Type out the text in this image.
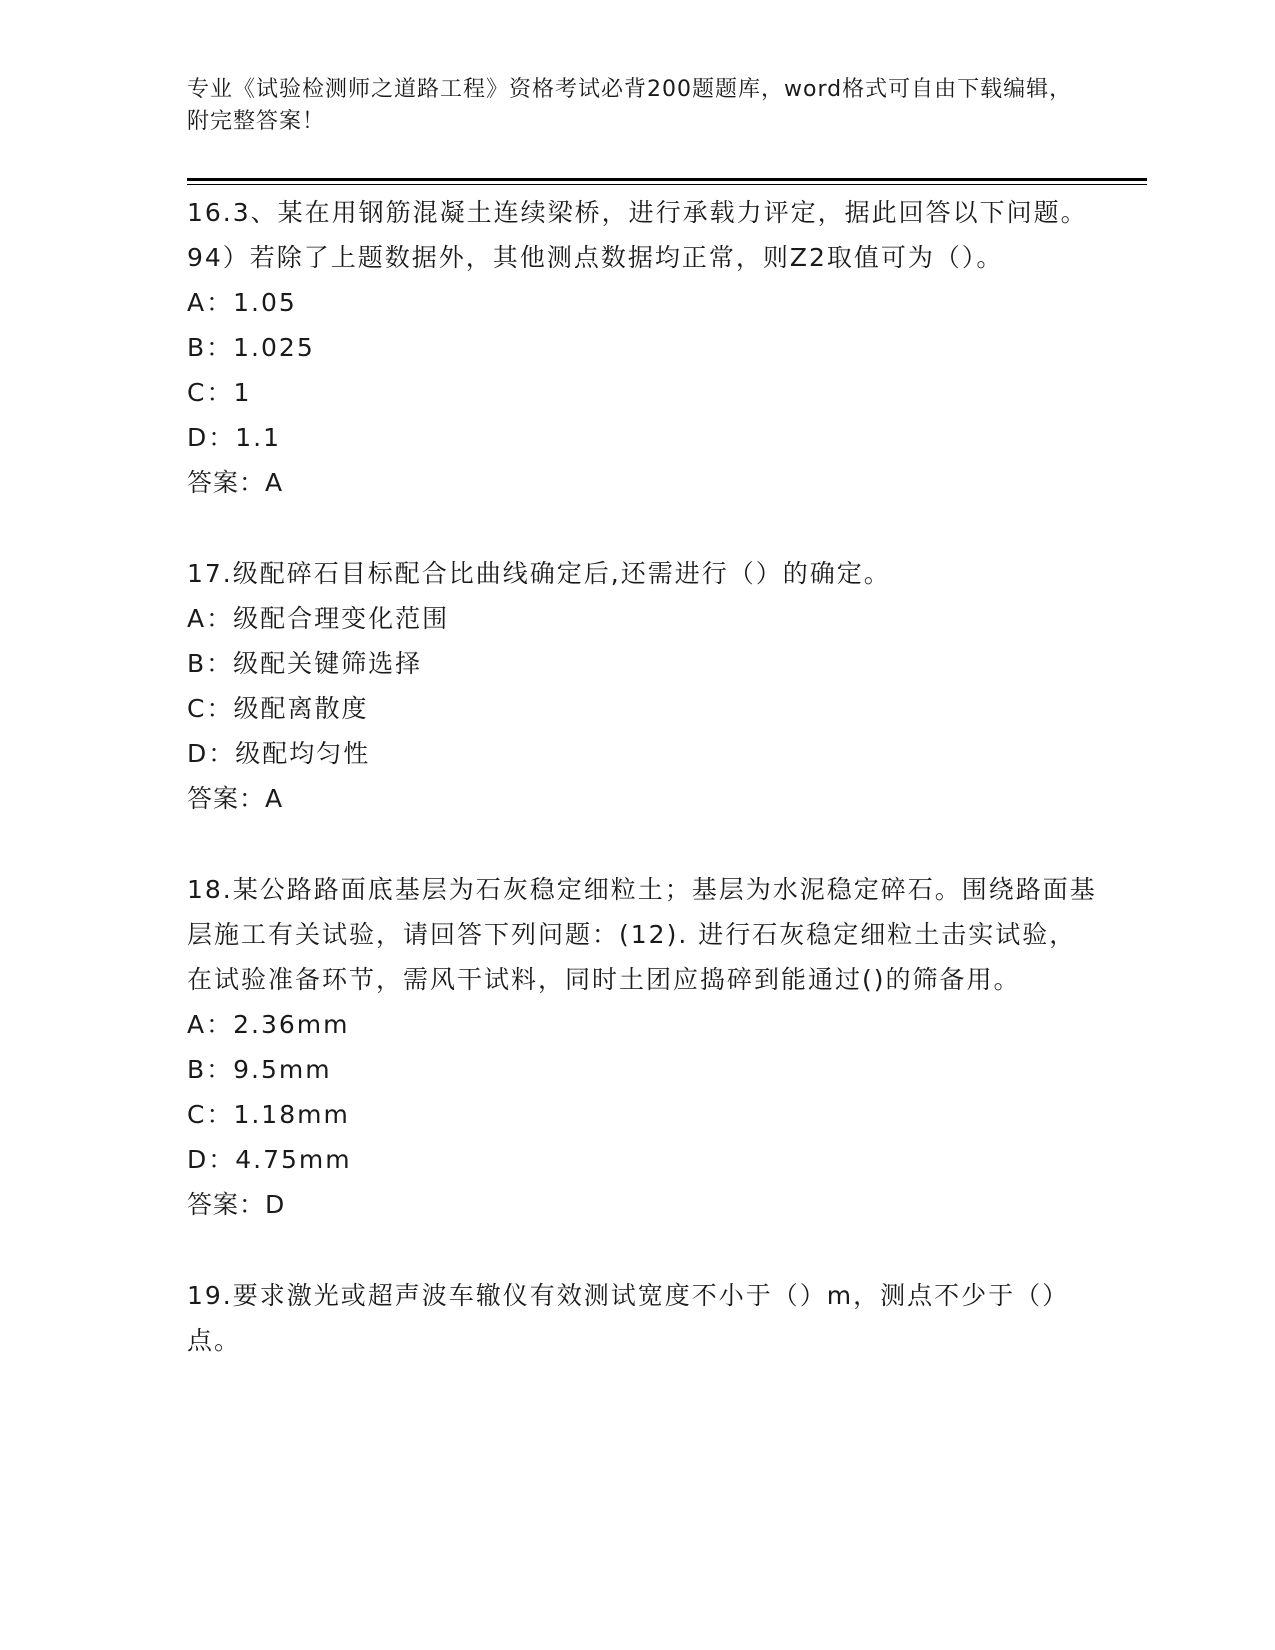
专业《试验检测师之道路工程》资格考试必背200题题库，word格式可自由下载编辑，附完整答案！
16.3、某在用钢筋混凝土连续梁桥，进行承载力评定，据此回答以下问题。94）若除了上题数据外，其他测点数据均正常，则Z2取值可为（）。
A：1.05
B：1.025
C：1
D：1.1
答案：A
17.级配碎石目标配合比曲线确定后,还需进行（）的确定。
A：级配合理变化范围
B：级配关键筛选择
C：级配离散度
D：级配均匀性
答案：A
18.某公路路面底基层为石灰稳定细粒土；基层为水泥稳定碎石。围绕路面基层施工有关试验，请回答下列问题：(12). 进行石灰稳定细粒土击实试验，在试验准备环节，需风干试料，同时土团应捣碎到能通过()的筛备用。
A：2.36mm
B：9.5mm
C：1.18mm
D：4.75mm
答案：D
19.要求激光或超声波车辙仪有效测试宽度不小于（）m，测点不少于（）点。
